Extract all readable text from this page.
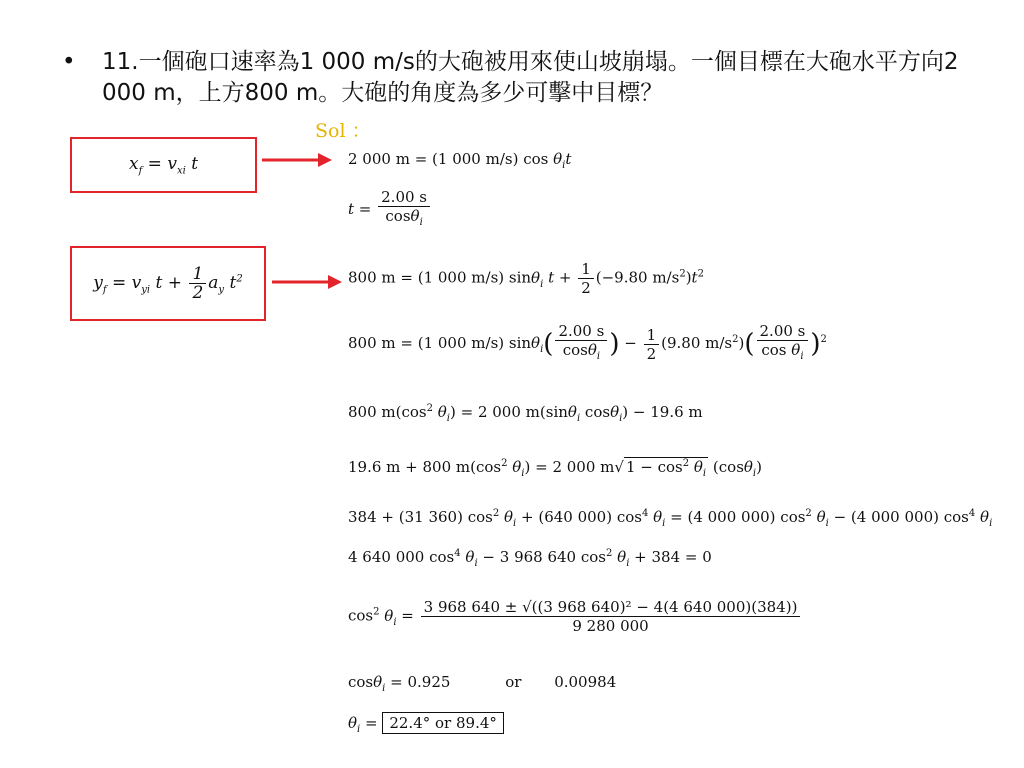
• 11.一個砲口速率為1 000 m/s的大砲被用來使山坡崩塌。一個目標在大砲水平方向2 000 m，上方800 m。大砲的角度為多少可擊中目標？
Sol ：
$x_f = v_{xi}$ t
$y_f = v_{yi}$ $t + \frac{1}{2} a_y$ $t^2$
2 000 m = (1 000 m/s) $\cos \theta_it$
$t = \frac{2.00 s}{\cos\theta_i}$
800 m = (1 000 m/s) sinθ$_i$ $t + \frac{1}{2} (-9.80$ $m/s^2)t^2$
800 m = (1 000 m/s) $\sin\theta_i( \frac{2.00 s}{\cos\theta_i}$ ) − $\frac{1}{2} (9.80$ $m/s^2)( \frac{2.00 s}{\cos \theta_i} )^2$
800 $m(\cos^2$ $\theta_i) = 2$ 000 m(sinθ$_i$ cosθ$_i$) − 19.6 m
19.6 m + 800 $m(\cos^2$ $\theta_i) = 2$ 000 m√ $1 - \cos^2 \theta_i$ (cosθ$_i$)
384 + (31 360) $\cos^2 \theta_i + (640$ 000) $\cos^4 \theta_i = (4$ 000 000) $\cos^2 \theta_i - (4$ 000 000) $\cos^4 \theta_i$
4 640 000 $\cos^4 \theta_i - 3$ 968 640 $\cos^2 \theta_i + 384 = 0$
$\cos^2 \theta_i = \frac{\text{3 968 640 ± √((3 968 640)² − 4(4 640 000)(384))}}{9 280 000}$
cosθ$_i$ = 0.925	or 0.00984
$\theta_i = 22.4^\circ$ or 89.4°
